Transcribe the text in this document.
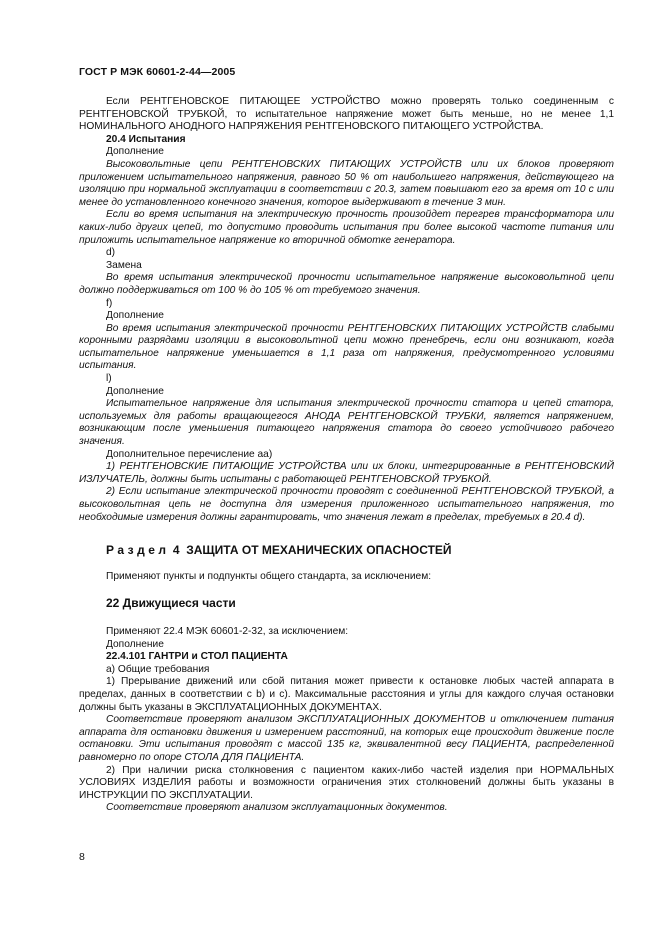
ГОСТ Р МЭК 60601-2-44—2005

Если РЕНТГЕНОВСКОЕ ПИТАЮЩЕЕ УСТРОЙСТВО можно проверять только соединенным с РЕНТГЕНОВСКОЙ ТРУБКОЙ, то испытательное напряжение может быть меньше, но не менее 1,1 НОМИНАЛЬНОГО АНОДНОГО НАПРЯЖЕНИЯ РЕНТГЕНОВСКОГО ПИТАЮЩЕГО УСТРОЙСТВА.

20.4 Испытания

Дополнение

Высоковольтные цепи РЕНТГЕНОВСКИХ ПИТАЮЩИХ УСТРОЙСТВ или их блоков проверяют приложением испытательного напряжения, равного 50 % от наибольшего напряжения, действующего на изоляцию при нормальной эксплуатации в соответствии с 20.3, затем повышают его за время от 10 с или менее до установленного конечного значения, которое выдерживают в течение 3 мин.

Если во время испытания на электрическую прочность произойдет перегрев трансформатора или каких-либо других цепей, то допустимо проводить испытания при более высокой частоте питания или приложить испытательное напряжение ко вторичной обмотке генератора.

d)

Замена

Во время испытания электрической прочности испытательное напряжение высоковольтной цепи должно поддерживаться от 100 % до 105 % от требуемого значения.

f)

Дополнение

Во время испытания электрической прочности РЕНТГЕНОВСКИХ ПИТАЮЩИХ УСТРОЙСТВ слабыми коронными разрядами изоляции в высоковольтной цепи можно пренебречь, если они возникают, когда испытательное напряжение уменьшается в 1,1 раза от напряжения, предусмотренного условиями испытания.

l)

Дополнение

Испытательное напряжение для испытания электрической прочности статора и цепей статора, используемых для работы вращающегося АНОДА РЕНТГЕНОВСКОЙ ТРУБКИ, является напряжением, возникающим после уменьшения питающего напряжения статора до своего устойчивого рабочего значения.

Дополнительное перечисление аа)

1) РЕНТГЕНОВСКИЕ ПИТАЮЩИЕ УСТРОЙСТВА или их блоки, интегрированные в РЕНТГЕНОВСКИЙ ИЗЛУЧАТЕЛЬ, должны быть испытаны с работающей РЕНТГЕНОВСКОЙ ТРУБКОЙ.

2) Если испытание электрической прочности проводят с соединенной РЕНТГЕНОВСКОЙ ТРУБКОЙ, а высоковольтная цепь не доступна для измерения приложенного испытательного напряжения, то необходимые измерения должны гарантировать, что значения лежат в пределах, требуемых в 20.4 d).

Раздел 4 ЗАЩИТА ОТ МЕХАНИЧЕСКИХ ОПАСНОСТЕЙ

Применяют пункты и подпункты общего стандарта, за исключением:

22 Движущиеся части

Применяют 22.4 МЭК 60601-2-32, за исключением:

Дополнение

22.4.101 ГАНТРИ и СТОЛ ПАЦИЕНТА

а) Общие требования

1) Прерывание движений или сбой питания может привести к остановке любых частей аппарата в пределах, данных в соответствии с b) и с). Максимальные расстояния и углы для каждого случая остановки должны быть указаны в ЭКСПЛУАТАЦИОННЫХ ДОКУМЕНТАХ.

Соответствие проверяют анализом ЭКСПЛУАТАЦИОННЫХ ДОКУМЕНТОВ и отключением питания аппарата для остановки движения и измерением расстояний, на которых еще происходит движение после остановки. Эти испытания проводят с массой 135 кг, эквивалентной весу ПАЦИЕНТА, распределенной равномерно по опоре СТОЛА ДЛЯ ПАЦИЕНТА.

2) При наличии риска столкновения с пациентом каких-либо частей изделия при НОРМАЛЬНЫХ УСЛОВИЯХ ИЗДЕЛИЯ работы и возможности ограничения этих столкновений должны быть указаны в ИНСТРУКЦИИ ПО ЭКСПЛУАТАЦИИ.

Соответствие проверяют анализом эксплуатационных документов.

8
